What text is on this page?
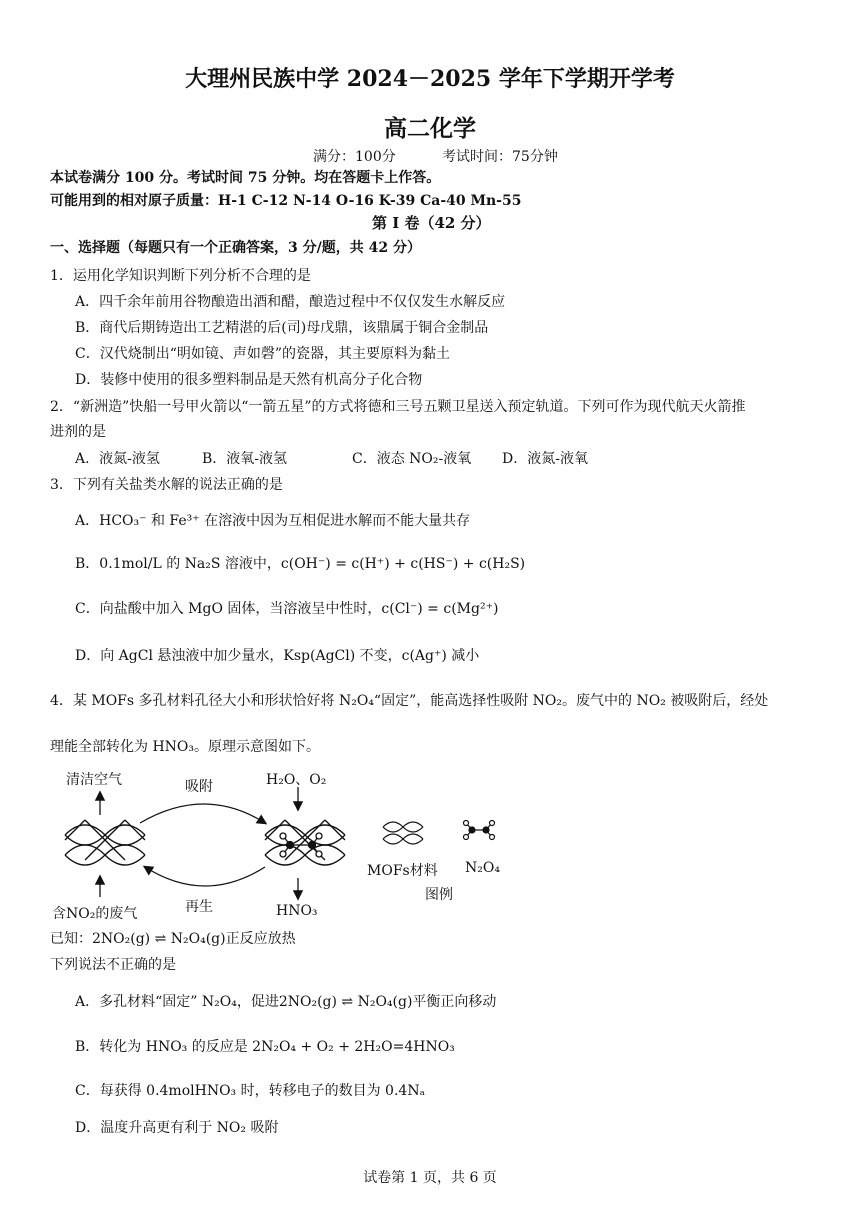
大理州民族中学 2024－2025 学年下学期开学考
高二化学
满分：100分	考试时间：75分钟
本试卷满分 100 分。考试时间 75 分钟。均在答题卡上作答。
可能用到的相对原子质量：H-1 C-12 N-14 O-16 K-39 Ca-40 Mn-55
第 I 卷（42 分）
一、选择题（每题只有一个正确答案，3 分/题，共 42 分）
1．运用化学知识判断下列分析不合理的是
A．四千余年前用谷物酿造出酒和醋，酿造过程中不仅仅发生水解反应
B．商代后期铸造出工艺精湛的后(司)母戊鼎，该鼎属于铜合金制品
C．汉代烧制出“明如镜、声如磬”的瓷器，其主要原料为黏土
D．装修中使用的很多塑料制品是天然有机高分子化合物
2．“新洲造”快船一号甲火箭以“一箭五星”的方式将德和三号五颗卫星送入预定轨道。下列可作为现代航天火箭推
进剂的是
A．液氮-液氢	B．液氧-液氢	C．液态 NO₂-液氧 D．液氮-液氧
3．下列有关盐类水解的说法正确的是
A．HCO₃⁻ 和 Fe³⁺ 在溶液中因为互相促进水解而不能大量共存
B．0.1mol/L 的 Na₂S 溶液中，c(OH⁻) = c(H⁺) + c(HS⁻) + c(H₂S)
C．向盐酸中加入 MgO 固体，当溶液呈中性时，c(Cl⁻) = c(Mg²⁺)
D．向 AgCl 悬浊液中加少量水，Ksp(AgCl) 不变，c(Ag⁺) 减小
4．某 MOFs 多孔材料孔径大小和形状恰好将 N₂O₄“固定”，能高选择性吸附 NO₂。废气中的 NO₂ 被吸附后，经处
理能全部转化为 HNO₃。原理示意图如下。
清洁空气	吸附	H₂O、O₂
含NO₂的废气	再生	HNO₃
MOFs材料 N₂O₄
图例
已知：2NO₂(g) ⇌ N₂O₄(g)正反应放热
下列说法不正确的是
A．多孔材料“固定” N₂O₄，促进2NO₂(g) ⇌ N₂O₄(g)平衡正向移动
B．转化为 HNO₃ 的反应是 2N₂O₄ + O₂ + 2H₂O=4HNO₃
C．每获得 0.4molHNO₃ 时，转移电子的数目为 0.4Nₐ
D．温度升高更有利于 NO₂ 吸附
试卷第 1 页，共 6 页
